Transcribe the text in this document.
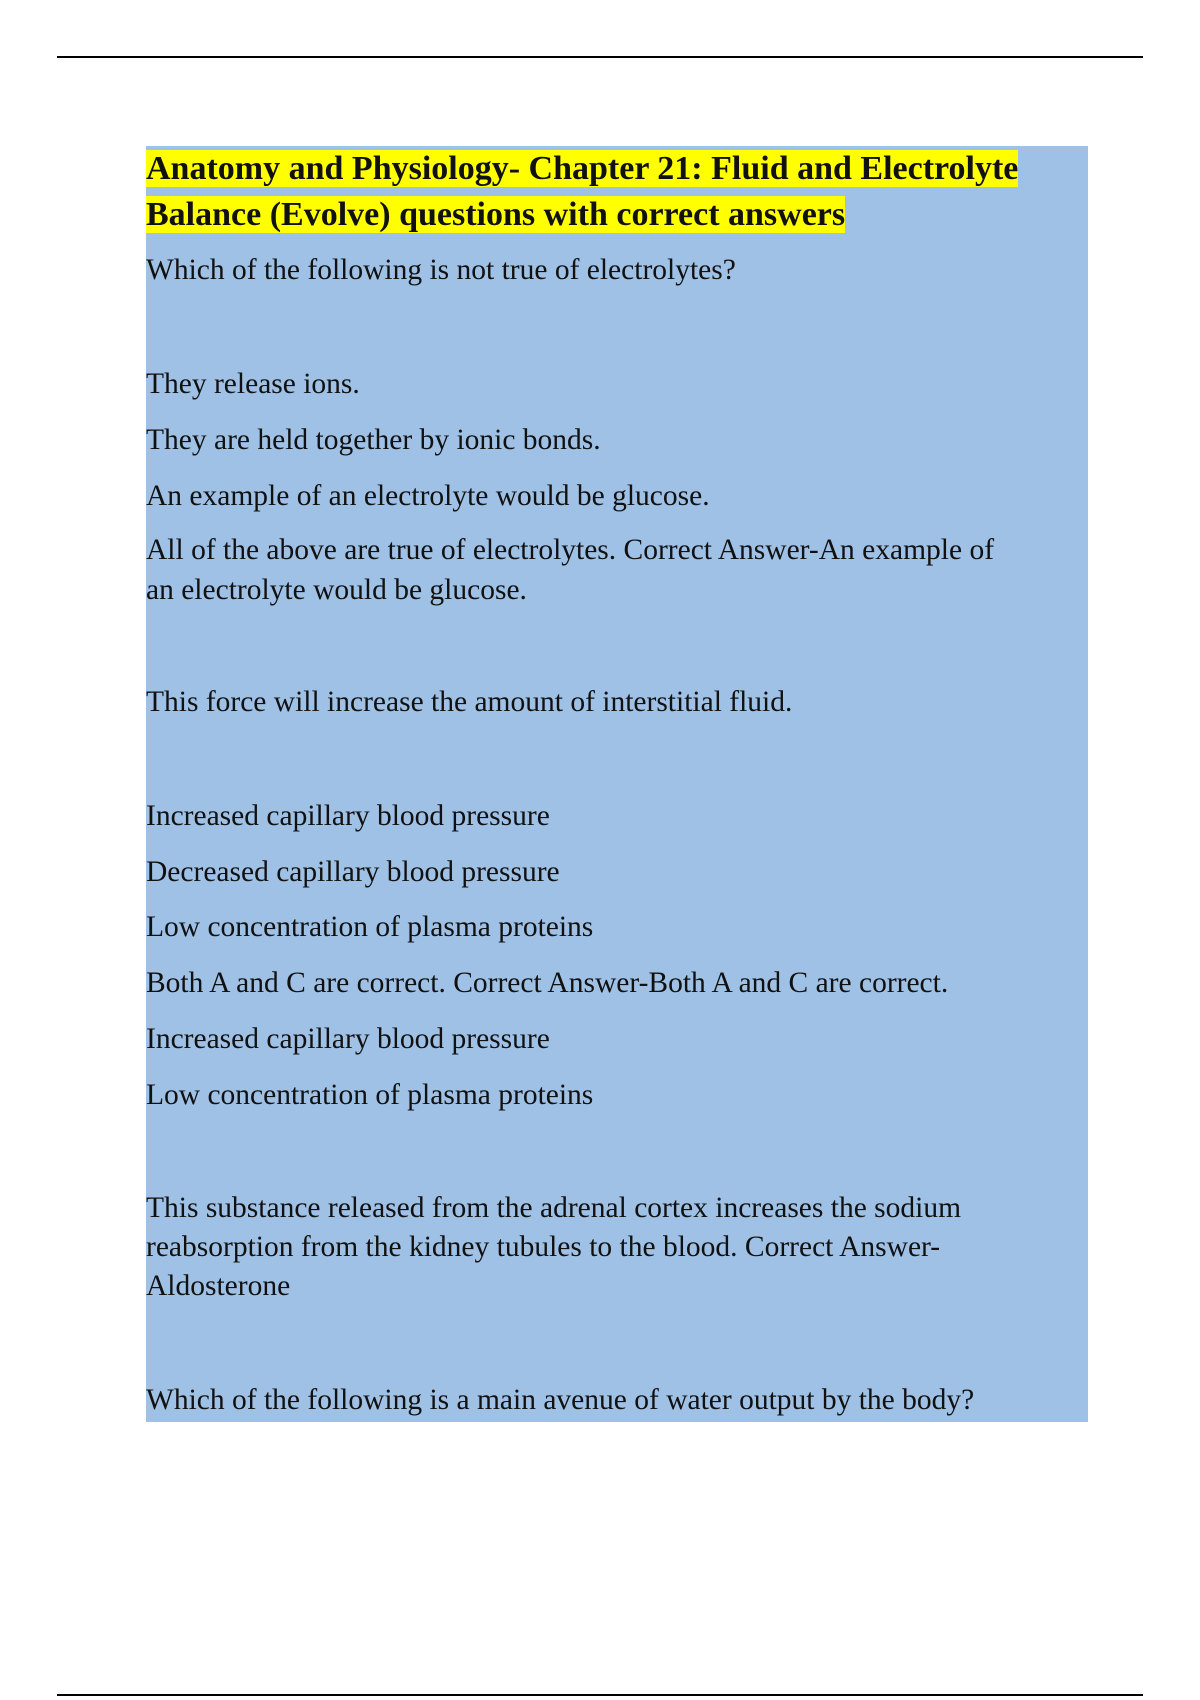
Anatomy and Physiology- Chapter 21: Fluid and Electrolyte
Balance (Evolve) questions with correct answers

Which of the following is not true of electrolytes?

They release ions.

They are held together by ionic bonds.

An example of an electrolyte would be glucose.

All of the above are true of electrolytes. Correct Answer-An example of

an electrolyte would be glucose.

This force will increase the amount of interstitial fluid.

Increased capillary blood pressure

Decreased capillary blood pressure

Low concentration of plasma proteins

Both A and C are correct. Correct Answer-Both A and C are correct.

Increased capillary blood pressure

Low concentration of plasma proteins

This substance released from the adrenal cortex increases the sodium

reabsorption from the kidney tubules to the blood. Correct Answer-

Aldosterone

Which of the following is a main avenue of water output by the body?
